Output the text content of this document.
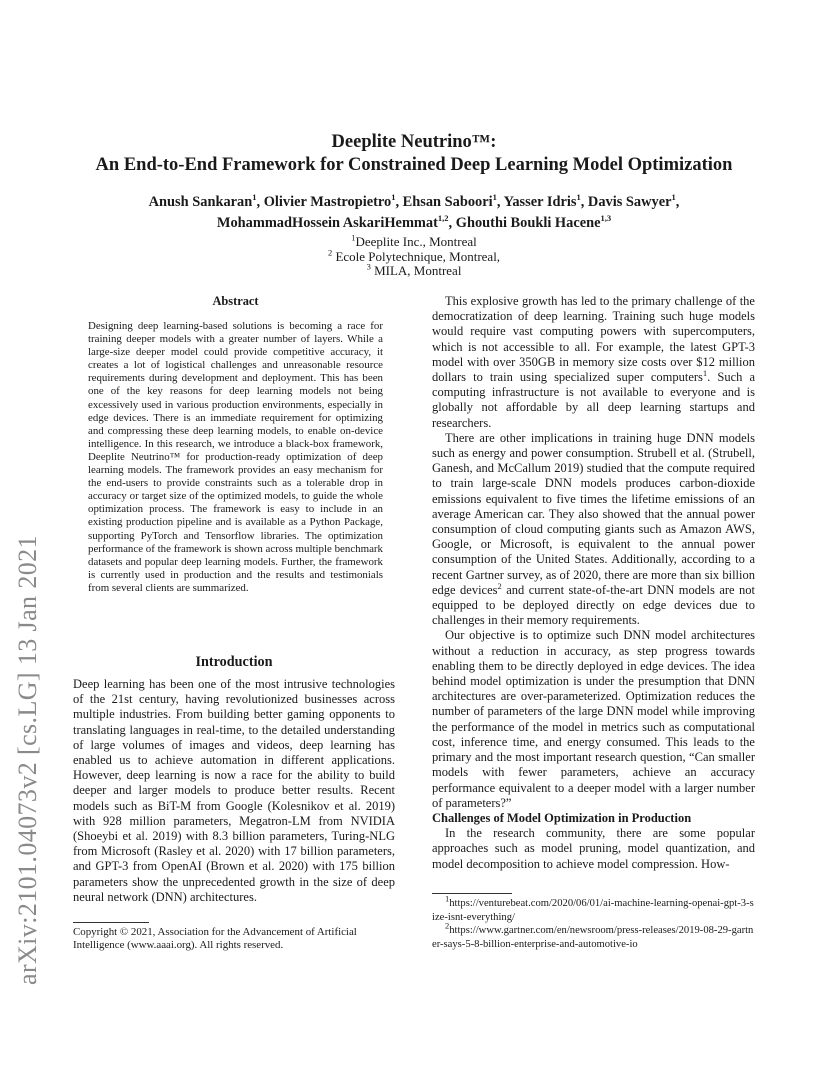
arXiv:2101.04073v2 [cs.LG] 13 Jan 2021
Deeplite Neutrino™:
An End-to-End Framework for Constrained Deep Learning Model Optimization
Anush Sankaran$^1$, Olivier Mastropietro$^1$, Ehsan Saboori$^1$, Yasser Idris$^1$, Davis Sawyer$^1$,
MohammadHossein AskariHemmat$^{1,2}$, Ghouthi Boukli Hacene$^{1,3}$
$^1$Deeplite Inc., Montreal
$^2$ Ecole Polytechnique, Montreal,
$^3$ MILA, Montreal
Abstract
Designing deep learning-based solutions is becoming a race for training deeper models with a greater number of layers. While a large-size deeper model could provide competitive accuracy, it creates a lot of logistical challenges and unreasonable resource requirements during development and deployment. This has been one of the key reasons for deep learning models not being excessively used in various production environments, especially in edge devices. There is an immediate requirement for optimizing and compressing these deep learning models, to enable on-device intelligence. In this research, we introduce a black-box framework, Deeplite Neutrino™ for production-ready optimization of deep learning models. The framework provides an easy mechanism for the end-users to provide constraints such as a tolerable drop in accuracy or target size of the optimized models, to guide the whole optimization process. The framework is easy to include in an existing production pipeline and is available as a Python Package, supporting PyTorch and Tensorflow libraries. The optimization performance of the framework is shown across multiple benchmark datasets and popular deep learning models. Further, the framework is currently used in production and the results and testimonials from several clients are summarized.
Introduction

Deep learning has been one of the most intrusive technologies of the 21st century, having revolutionized businesses across multiple industries. From building better gaming opponents to translating languages in real-time, to the detailed understanding of large volumes of images and videos, deep learning has enabled us to achieve automation in different applications. However, deep learning is now a race for the ability to build deeper and larger models to produce better results. Recent models such as BiT-M from Google (Kolesnikov et al. 2019) with 928 million parameters, Megatron-LM from NVIDIA (Shoeybi et al. 2019) with 8.3 billion parameters, Turing-NLG from Microsoft (Rasley et al. 2020) with 17 billion parameters, and GPT-3 from OpenAI (Brown et al. 2020) with 175 billion parameters show the unprecedented growth in the size of deep neural network (DNN) architectures.

Copyright © 2021, Association for the Advancement of Artificial Intelligence (www.aaai.org). All rights reserved.

This explosive growth has led to the primary challenge of the democratization of deep learning. Training such huge models would require vast computing powers with supercomputers, which is not accessible to all. For example, the latest GPT-3 model with over 350GB in memory size costs over $12 million dollars to train using specialized super computers$^1$. Such a computing infrastructure is not available to everyone and is globally not affordable by all deep learning startups and researchers.

There are other implications in training huge DNN models such as energy and power consumption. Strubell et al. (Strubell, Ganesh, and McCallum 2019) studied that the compute required to train large-scale DNN models produces carbon-dioxide emissions equivalent to five times the lifetime emissions of an average American car. They also showed that the annual power consumption of cloud computing giants such as Amazon AWS, Google, or Microsoft, is equivalent to the annual power consumption of the United States. Additionally, according to a recent Gartner survey, as of 2020, there are more than six billion edge devices$^2$ and current state-of-the-art DNN models are not equipped to be deployed directly on edge devices due to challenges in their memory requirements.

Our objective is to optimize such DNN model architectures without a reduction in accuracy, as step progress towards enabling them to be directly deployed in edge devices. The idea behind model optimization is under the presumption that DNN architectures are over-parameterized. Optimization reduces the number of parameters of the large DNN model while improving the performance of the model in metrics such as computational cost, inference time, and energy consumed. This leads to the primary and the most important research question, “Can smaller models with fewer parameters, achieve an accuracy performance equivalent to a deeper model with a larger number of parameters?”

Challenges of Model Optimization in Production

In the research community, there are some popular approaches such as model pruning, model quantization, and model decomposition to achieve model compression. How-

$^1$https://venturebeat.com/2020/06/01/ai-machine-learning-openai-gpt-3-size-isnt-everything/

$^2$https://www.gartner.com/en/newsroom/press-releases/2019-08-29-gartner-says-5-8-billion-enterprise-and-automotive-io
